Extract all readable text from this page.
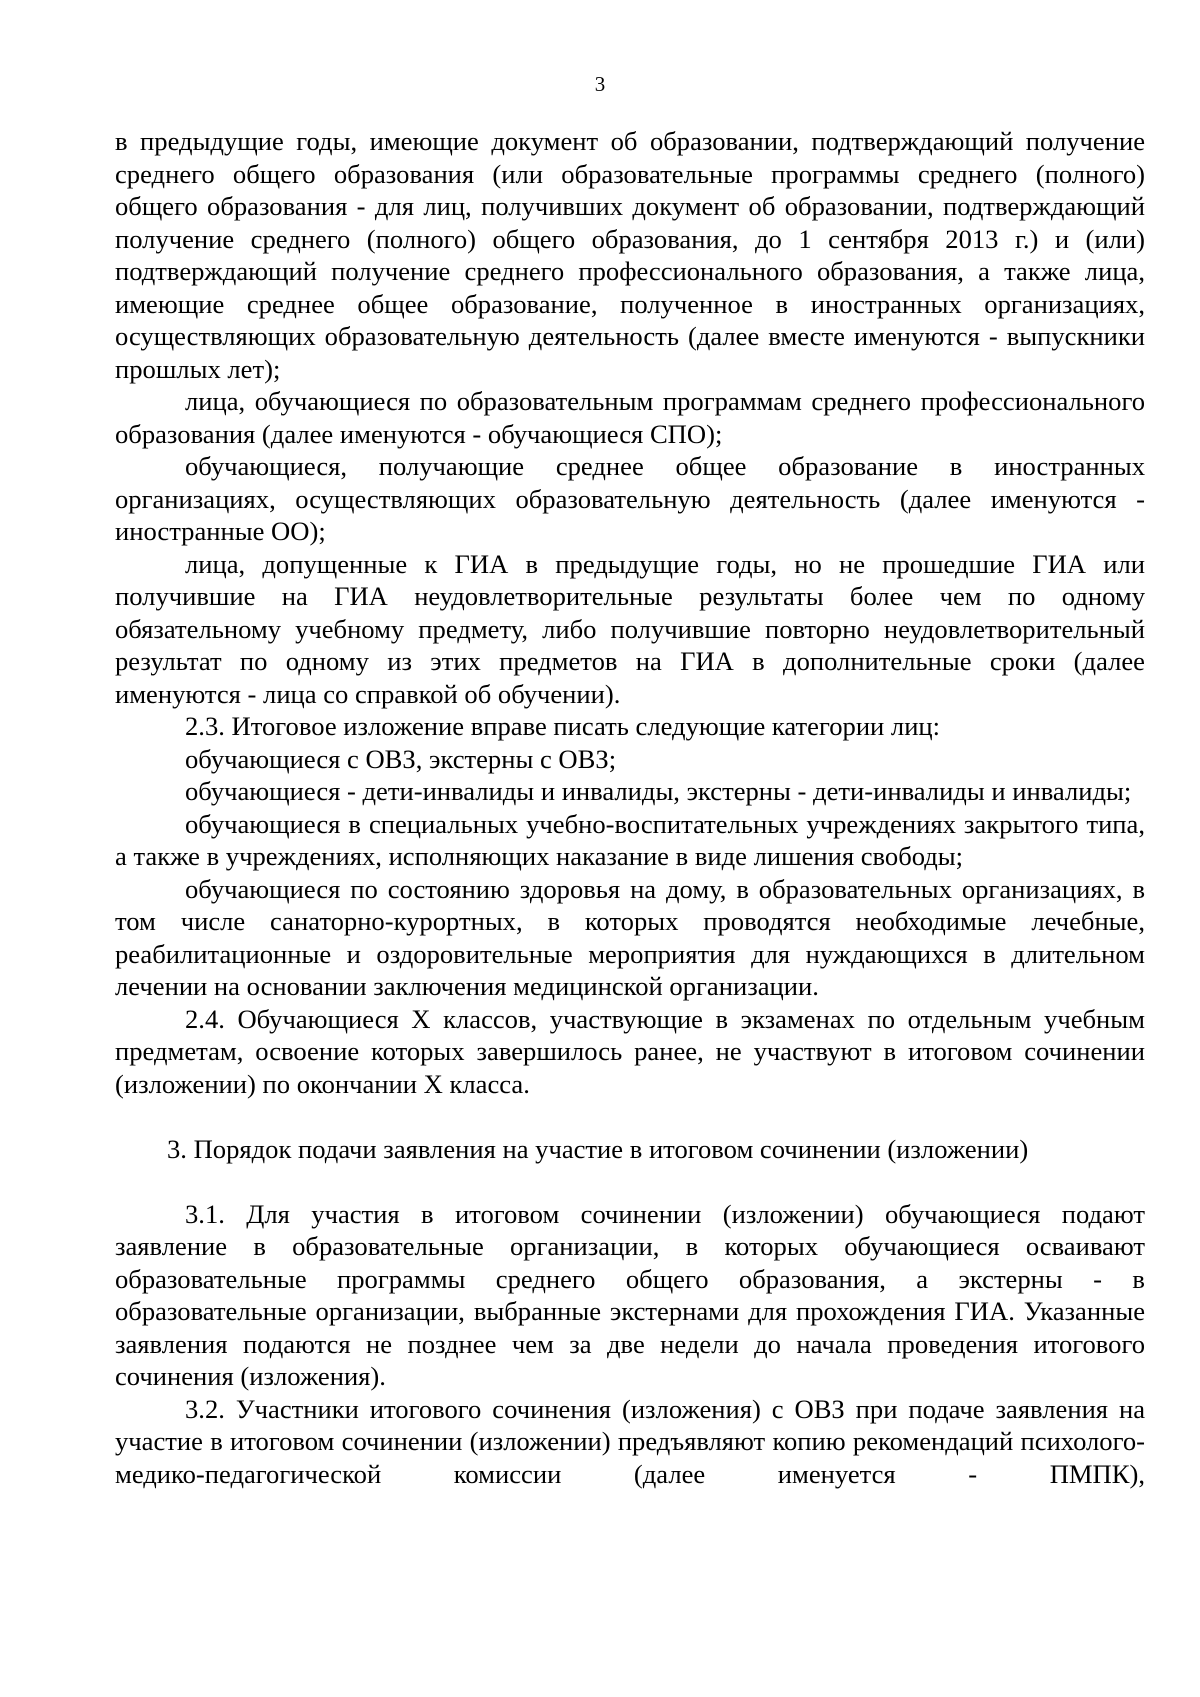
3

в предыдущие годы, имеющие документ об образовании, подтверждающий получение среднего общего образования (или образовательные программы среднего (полного) общего образования - для лиц, получивших документ об образовании, подтверждающий получение среднего (полного) общего образования, до 1 сентября 2013 г.) и (или) подтверждающий получение среднего профессионального образования, а также лица, имеющие среднее общее образование, полученное в иностранных организациях, осуществляющих образовательную деятельность (далее вместе именуются - выпускники прошлых лет);

лица, обучающиеся по образовательным программам среднего профессионального образования (далее именуются - обучающиеся СПО);

обучающиеся, получающие среднее общее образование в иностранных организациях, осуществляющих образовательную деятельность (далее именуются - иностранные ОО);

лица, допущенные к ГИА в предыдущие годы, но не прошедшие ГИА или получившие на ГИА неудовлетворительные результаты более чем по одному обязательному учебному предмету, либо получившие повторно неудовлетворительный результат по одному из этих предметов на ГИА в дополнительные сроки (далее именуются - лица со справкой об обучении).

2.3. Итоговое изложение вправе писать следующие категории лиц:

обучающиеся с ОВЗ, экстерны с ОВЗ;

обучающиеся - дети-инвалиды и инвалиды, экстерны - дети-инвалиды и инвалиды;

обучающиеся в специальных учебно-воспитательных учреждениях закрытого типа, а также в учреждениях, исполняющих наказание в виде лишения свободы;

обучающиеся по состоянию здоровья на дому, в образовательных организациях, в том числе санаторно-курортных, в которых проводятся необходимые лечебные, реабилитационные и оздоровительные мероприятия для нуждающихся в длительном лечении на основании заключения медицинской организации.

2.4. Обучающиеся X классов, участвующие в экзаменах по отдельным учебным предметам, освоение которых завершилось ранее, не участвуют в итоговом сочинении (изложении) по окончании X класса.

3. Порядок подачи заявления на участие в итоговом сочинении (изложении)

3.1. Для участия в итоговом сочинении (изложении) обучающиеся подают заявление в образовательные организации, в которых обучающиеся осваивают образовательные программы среднего общего образования, а экстерны - в образовательные организации, выбранные экстернами для прохождения ГИА. Указанные заявления подаются не позднее чем за две недели до начала проведения итогового сочинения (изложения).

3.2. Участники итогового сочинения (изложения) с ОВЗ при подаче заявления на участие в итоговом сочинении (изложении) предъявляют копию рекомендаций психолого-медико-педагогической комиссии (далее именуется - ПМПК),
